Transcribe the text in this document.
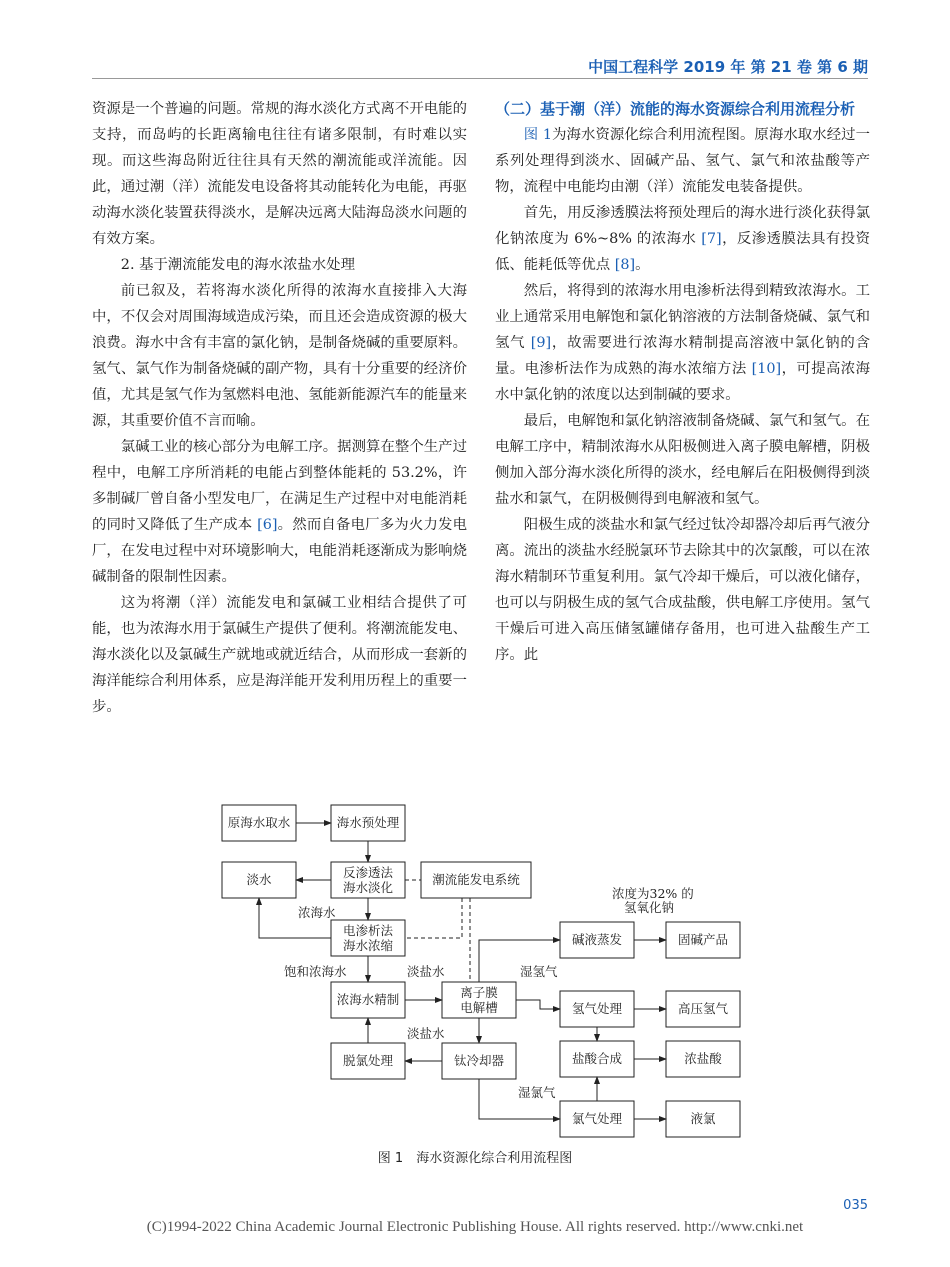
中国工程科学 2019 年 第 21 卷 第 6 期

资源是一个普遍的问题。常规的海水淡化方式离不开电能的支持，而岛屿的长距离输电往往有诸多限制，有时难以实现。而这些海岛附近往往具有天然的潮流能或洋流能。因此，通过潮（洋）流能发电设备将其动能转化为电能，再驱动海水淡化装置获得淡水，是解决远离大陆海岛淡水问题的有效方案。

2. 基于潮流能发电的海水浓盐水处理

前已叙及，若将海水淡化所得的浓海水直接排入大海中，不仅会对周围海域造成污染，而且还会造成资源的极大浪费。海水中含有丰富的氯化钠，是制备烧碱的重要原料。氢气、氯气作为制备烧碱的副产物，具有十分重要的经济价值，尤其是氢气作为氢燃料电池、氢能新能源汽车的能量来源，其重要价值不言而喻。

氯碱工业的核心部分为电解工序。据测算在整个生产过程中，电解工序所消耗的电能占到整体能耗的 53.2%，许多制碱厂曾自备小型发电厂，在满足生产过程中对电能消耗的同时又降低了生产成本 [6]。然而自备电厂多为火力发电厂，在发电过程中对环境影响大，电能消耗逐渐成为影响烧碱制备的限制性因素。

这为将潮（洋）流能发电和氯碱工业相结合提供了可能，也为浓海水用于氯碱生产提供了便利。将潮流能发电、海水淡化以及氯碱生产就地或就近结合，从而形成一套新的海洋能综合利用体系，应是海洋能开发利用历程上的重要一步。

（二）基于潮（洋）流能的海水资源综合利用流程分析

图 1为海水资源化综合利用流程图。原海水取水经过一系列处理得到淡水、固碱产品、氢气、氯气和浓盐酸等产物，流程中电能均由潮（洋）流能发电装备提供。

首先，用反渗透膜法将预处理后的海水进行淡化获得氯化钠浓度为 6%~8% 的浓海水 [7]，反渗透膜法具有投资低、能耗低等优点 [8]。

然后，将得到的浓海水用电渗析法得到精致浓海水。工业上通常采用电解饱和氯化钠溶液的方法制备烧碱、氯气和氢气 [9]，故需要进行浓海水精制提高溶液中氯化钠的含量。电渗析法作为成熟的海水浓缩方法 [10]，可提高浓海水中氯化钠的浓度以达到制碱的要求。

最后，电解饱和氯化钠溶液制备烧碱、氯气和氢气。在电解工序中，精制浓海水从阳极侧进入离子膜电解槽，阴极侧加入部分海水淡化所得的淡水，经电解后在阳极侧得到淡盐水和氯气，在阴极侧得到电解液和氢气。

阳极生成的淡盐水和氯气经过钛冷却器冷却后再气液分离。流出的淡盐水经脱氯环节去除其中的次氯酸，可以在浓海水精制环节重复利用。氯气冷却干燥后，可以液化储存，也可以与阴极生成的氢气合成盐酸，供电解工序使用。氢气干燥后可进入高压储氢罐储存备用，也可进入盐酸生产工序。此

原海水取水	海水预处理
淡水	反渗透法
海水淡化
潮流能发电系统
电渗析法
海水浓缩
浓海水精制	离子膜
电解槽
脱氯处理	钛冷却器
碱液蒸发	固碱产品
氢气处理	高压氢气
盐酸合成	浓盐酸
氯气处理	液氯
浓海水
饱和浓海水	淡盐水
淡盐水
湿氢气
湿氯气
浓度为32% 的
氢氧化钠
图 1　海水资源化综合利用流程图
035
(C)1994-2022 China Academic Journal Electronic Publishing House. All rights reserved. http://www.cnki.net
